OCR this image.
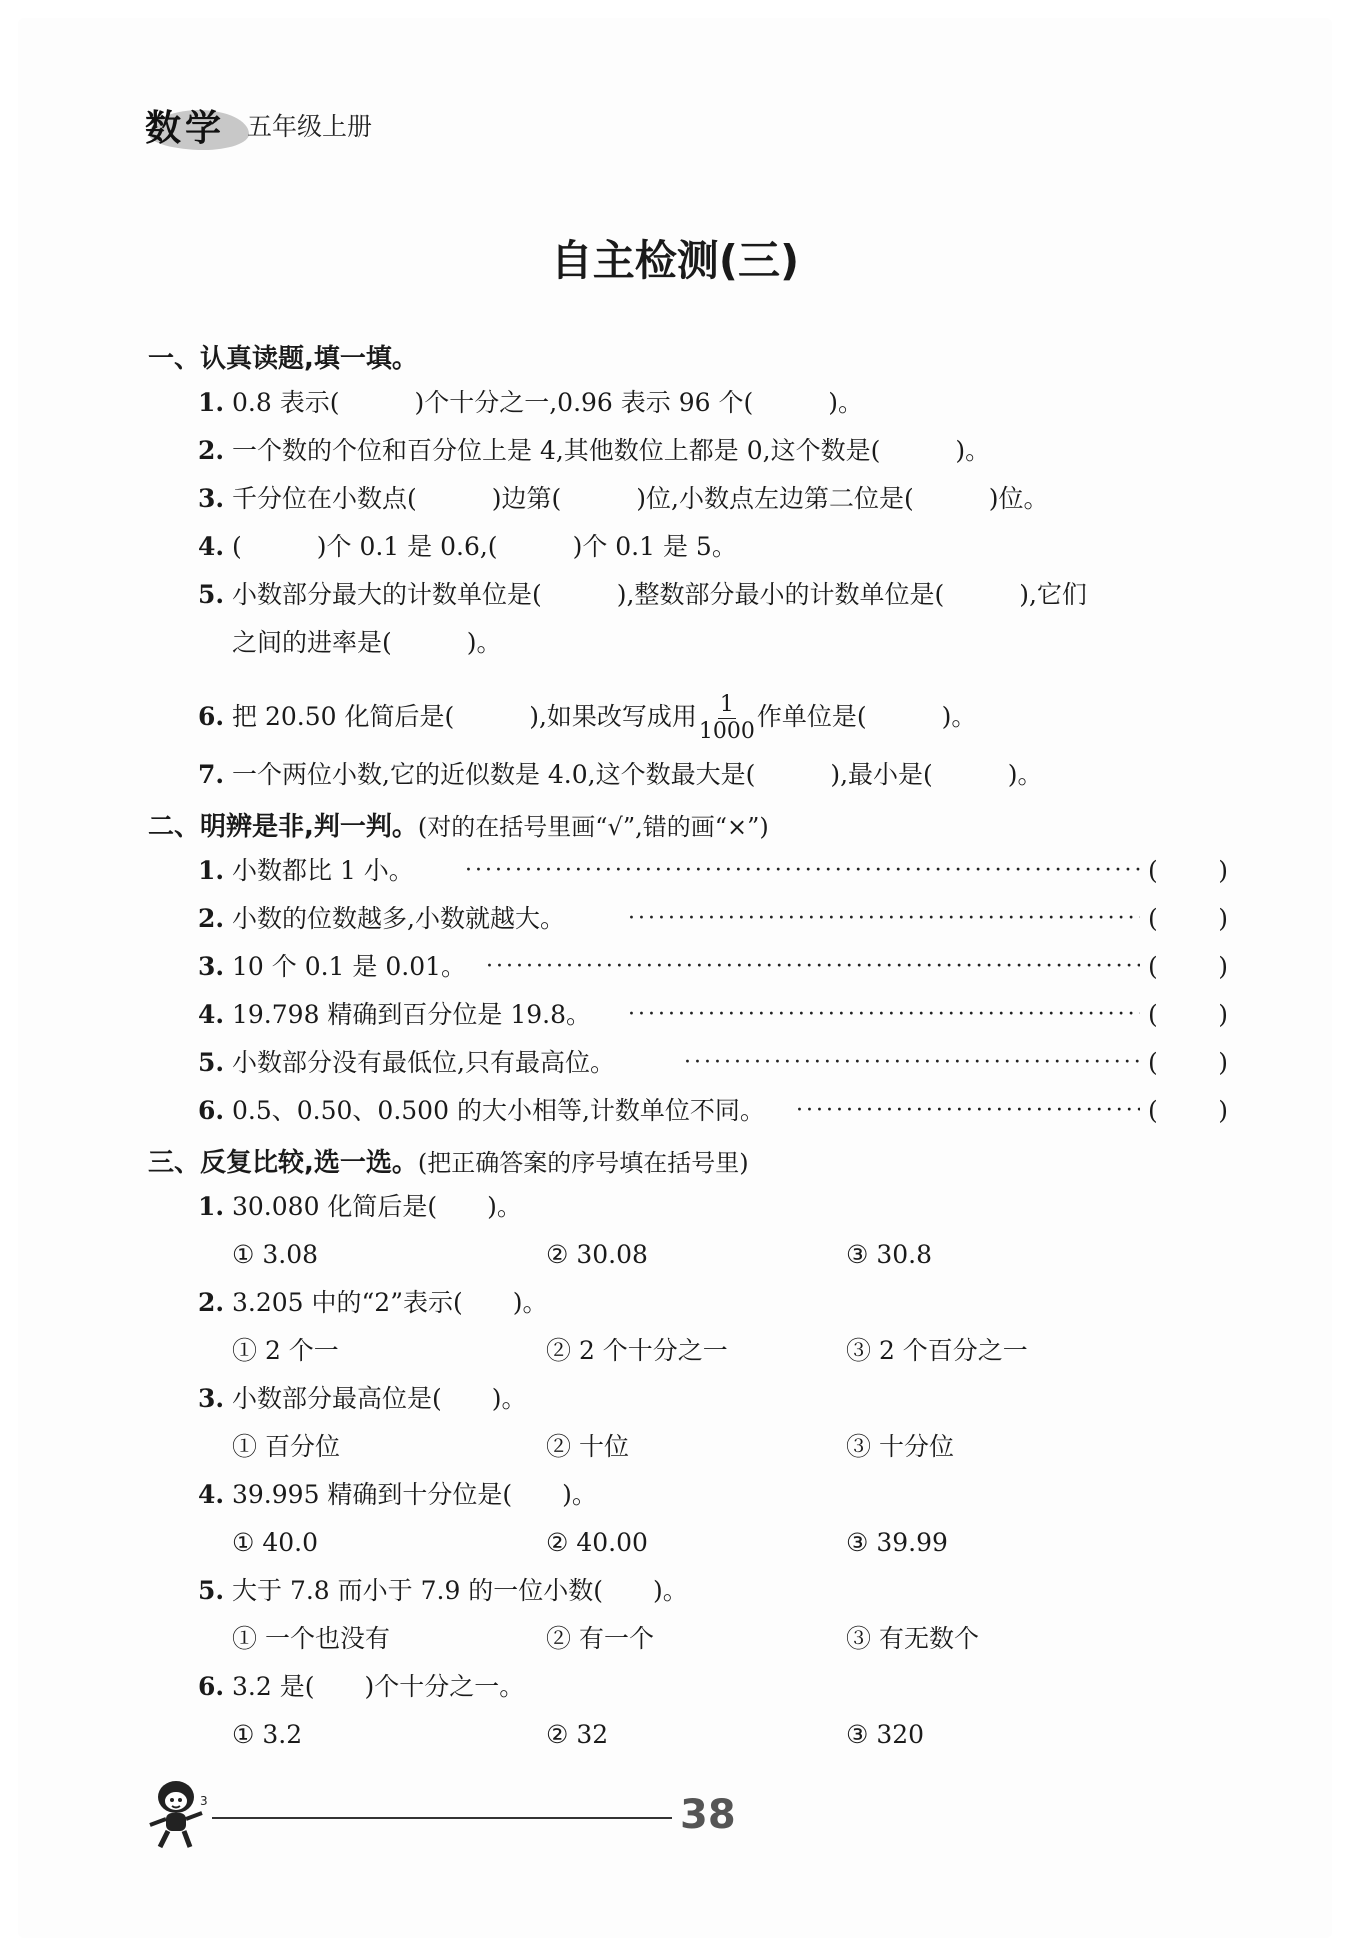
数学 五年级上册
自主检测(三)
一、认真读题,填一填。
1. 0.8 表示(　　　)个十分之一,0.96 表示 96 个(　　　)。
2. 一个数的个位和百分位上是 4,其他数位上都是 0,这个数是(　　　)。
3. 千分位在小数点(　　　)边第(　　　)位,小数点左边第二位是(　　　)位。
4. (　　　)个 0.1 是 0.6,(　　　)个 0.1 是 5。
5. 小数部分最大的计数单位是(　　　),整数部分最小的计数单位是(　　　),它们
之间的进率是(　　　)。
6. 把 20.50 化简后是(　　　),如果改写成用 $\frac{1}{1000}$ 作单位是(　　　)。
7. 一个两位小数,它的近似数是 4.0,这个数最大是(　　　),最小是(　　　)。
二、明辨是非,判一判。(对的在括号里画“√”,错的画“×”)
1. 小数都比 1 小。 ·····	( )
2. 小数的位数越多,小数就越大。 ·····	( )
3. 10 个 0.1 是 0.01。 ·····	( )
4. 19.798 精确到百分位是 19.8。 ·····	( )
5. 小数部分没有最低位,只有最高位。 ·····	( )
6. 0.5、0.50、0.500 的大小相等,计数单位不同。 ·····	( )
三、反复比较,选一选。(把正确答案的序号填在括号里)
1. 30.080 化简后是(　　)。
① 3.08	② 30.08	③ 30.8
2. 3.205 中的“2”表示(　　)。
① 2 个一	② 2 个十分之一	③ 2 个百分之一
3. 小数部分最高位是(　　)。
① 百分位	② 十位	③ 十分位
4. 39.995 精确到十分位是(　　)。
① 40.0	② 40.00	③ 39.99
5. 大于 7.8 而小于 7.9 的一位小数(　　)。
① 一个也没有	② 有一个	③ 有无数个
6. 3.2 是(　　)个十分之一。
① 3.2	② 32	③ 320
3	38
